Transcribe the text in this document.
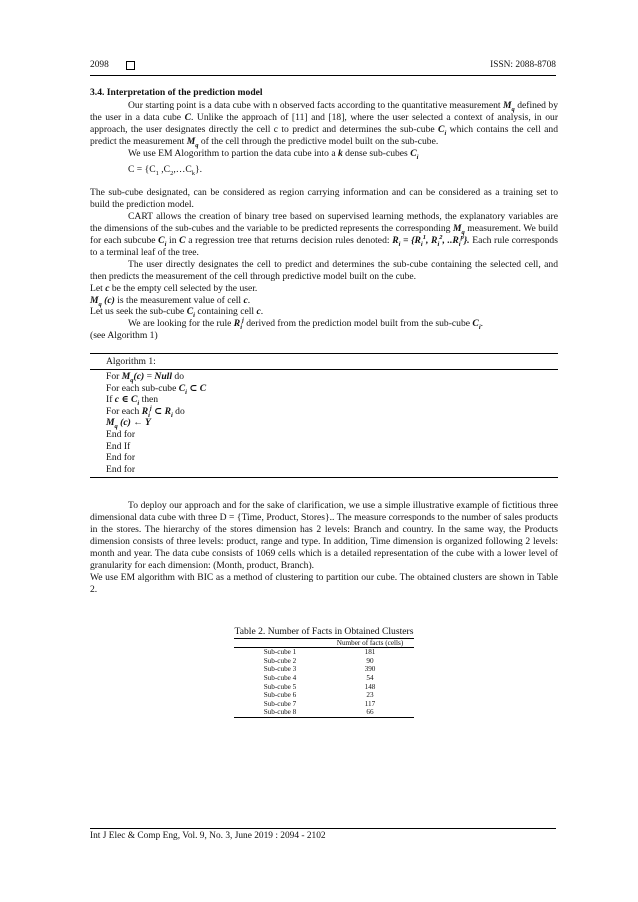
2098	ISSN: 2088-8708

3.4. Interpretation of the prediction model

Our starting point is a data cube with n observed facts according to the quantitative measurement $M_q$ defined by the user in a data cube C. Unlike the approach of [11] and [18], where the user selected a context of analysis, in our approach, the user designates directly the cell c to predict and determines the sub-cube $C_i$ which contains the cell and predict the measurement $M_q$ of the cell through the predictive model built on the sub-cube.

We use EM Alogorithm to partion the data cube into a k dense sub-cubes $C_i$

$C = \{C_1$ $,C_2,\dots C_k$}.

The sub-cube designated, can be considered as region carrying information and can be considered as a training set to build the prediction model.

CART allows the creation of binary tree based on supervised learning methods, the explanatory variables are the dimensions of the sub-cubes and the variable to be predicted represents the corresponding $M_q$ measurement. We build for each subcube $C_i$ in C a regression tree that returns decision rules denoted: $R_i = \{R_i^1$, $R_i^2$, $..R_i^p$}. Each rule corresponds to a terminal leaf of the tree.

The user directly designates the cell to predict and determines the sub-cube containing the selected cell, and then predicts the measurement of the cell through predictive model built on the cube.

Let c be the empty cell selected by the user.

$M_q$ (c) is the measurement value of cell c.

Let us seek the sub-cube $C_i$ containing cell c.

We are looking for the rule $R_i^j$ derived from the prediction model built from the sub-cube $C_i$.

(see Algorithm 1)

Algorithm 1:
For $M_q(c)$ = Null do
For each sub-cube $C_i$ ⊂ C
If c ∈ $C_i$ then
For each $R_i^j$ ⊂ $R_i$ do
$M_q$ (c) ← Y
End for
End If
End for
End for

To deploy our approach and for the sake of clarification, we use a simple illustrative example of fictitious three dimensional data cube with three D = {Time, Product, Stores}.. The measure corresponds to the number of sales products in the stores. The hierarchy of the stores dimension has 2 levels: Branch and country. In the same way, the Products dimension consists of three levels: product, range and type. In addition, Time dimension is organized following 2 levels: month and year. The data cube consists of 1069 cells which is a detailed representation of the cube with a lower level of granularity for each dimension: (Month, product, Branch).

We use EM algorithm with BIC as a method of clustering to partition our cube. The obtained clusters are shown in Table 2.

Table 2. Number of Facts in Obtained Clusters
	Number of facts (cells)
Sub-cube 1	181
Sub-cube 2	90
Sub-cube 3	390
Sub-cube 4	54
Sub-cube 5	148
Sub-cube 6	23
Sub-cube 7	117
Sub-cube 8	66
Int J Elec & Comp Eng, Vol. 9, No. 3, June 2019 : 2094 - 2102
